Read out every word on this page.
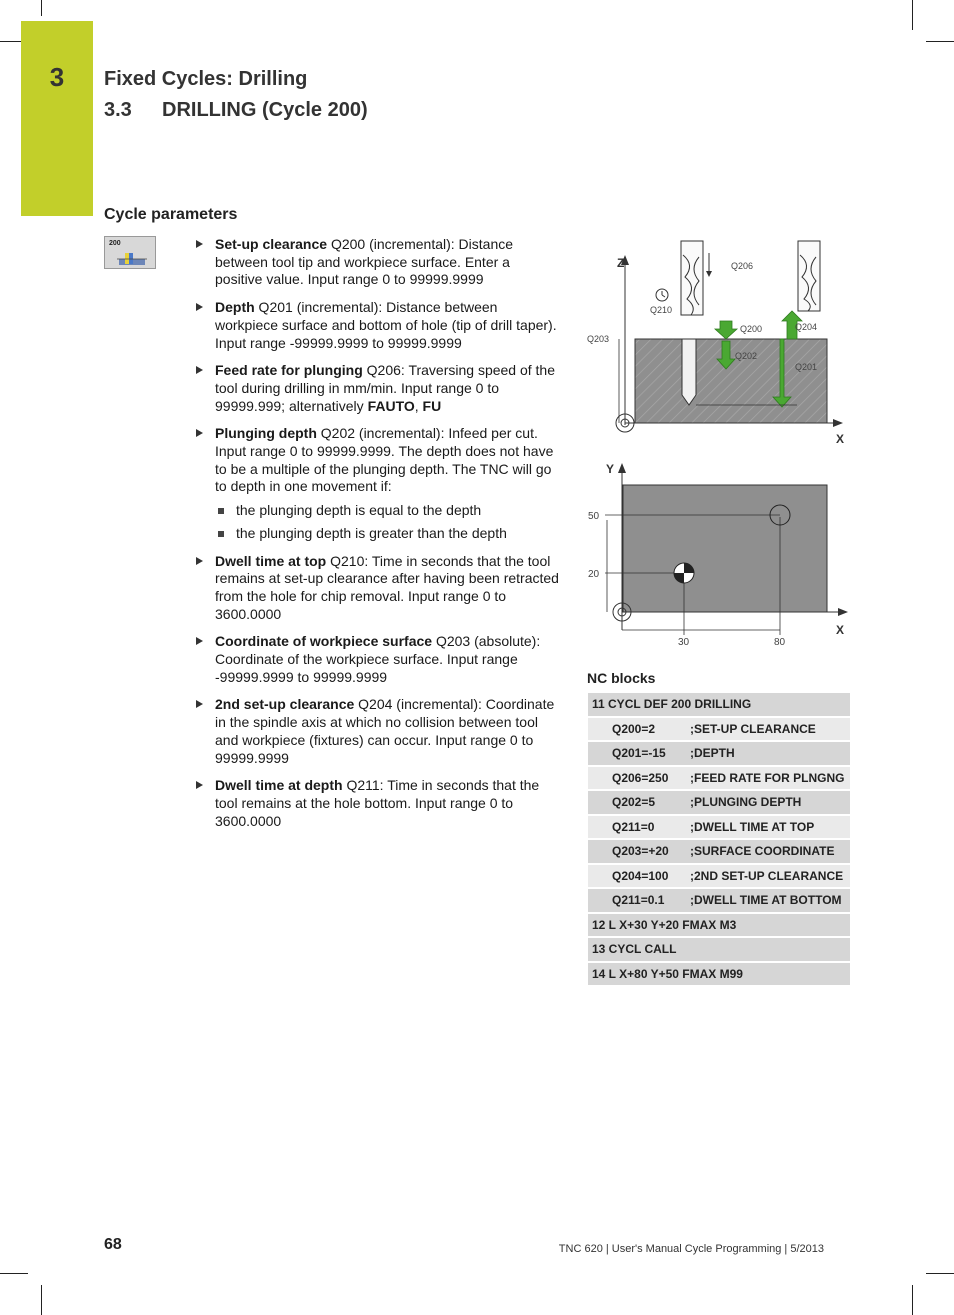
3	Fixed Cycles: Drilling
3.3 DRILLING (Cycle 200)
Cycle parameters
200	Set-up clearance Q200 (incremental): Distance between tool tip and workpiece surface. Enter a positive value. Input range 0 to 99999.9999
Depth Q201 (incremental): Distance between workpiece surface and bottom of hole (tip of drill taper). Input range -99999.9999 to 99999.9999
Feed rate for plunging Q206: Traversing speed of the tool during drilling in mm/min. Input range 0 to 99999.999; alternatively FAUTO, FU
Plunging depth Q202 (incremental): Infeed per cut. Input range 0 to 99999.9999. The depth does not have to be a multiple of the plunging depth. The TNC will go to depth in one movement if:
the plunging depth is equal to the depth
the plunging depth is greater than the depth
Dwell time at top Q210: Time in seconds that the tool remains at set-up clearance after having been retracted from the hole for chip removal. Input range 0 to 3600.0000
Coordinate of workpiece surface Q203 (absolute): Coordinate of the workpiece surface. Input range -99999.9999 to 99999.9999
2nd set-up clearance Q204 (incremental): Coordinate in the spindle axis at which no collision between tool and workpiece (fixtures) can occur. Input range 0 to 99999.9999
Dwell time at depth Q211: Time in seconds that the tool remains at the hole bottom. Input range 0 to 3600.0000
Z
X
Q206
Q210
Q200	Q204
Q203
Q202
Q201
Y
X
50
20
30	80
NC blocks
11 CYCL DEF 200 DRILLING	
Q200=2	;SET-UP CLEARANCE
Q201=-15	;DEPTH
Q206=250	;FEED RATE FOR PLNGNG
Q202=5	;PLUNGING DEPTH
Q211=0	;DWELL TIME AT TOP
Q203=+20	;SURFACE COORDINATE
Q204=100	;2ND SET-UP CLEARANCE
Q211=0.1	;DWELL TIME AT BOTTOM
12 L X+30 Y+20 FMAX M3	
13 CYCL CALL	
14 L X+80 Y+50 FMAX M99	
68	TNC 620 | User's Manual Cycle Programming | 5/2013
